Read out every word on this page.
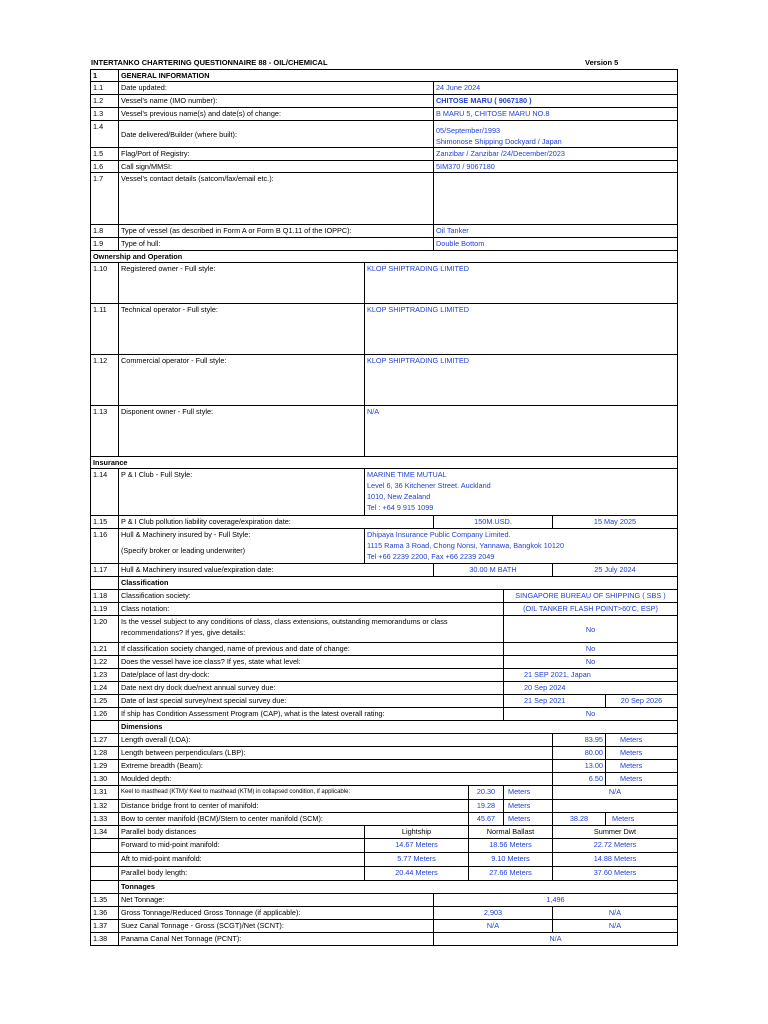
INTERTANKO CHARTERING QUESTIONNAIRE 88 - OIL/CHEMICAL	Version 5
1	GENERAL INFORMATION						
1.1	Date updated:		24 June 2024				
1.2	Vessel's name (IMO number):		CHITOSE MARU ( 9067180 )				
1.3	Vessel's previous name(s) and date(s) of change:		B MARU 5, CHITOSE MARU NO.8				
1.4	Date delivered/Builder (where built):		05/September/1993
Shimonose Shipping Dockyard / Japan				

1.5	Flag/Port of Registry:		Zanzibar / Zanzibar /24/December/2023				
1.6	Call sign/MMSI:		5IM370 / 9067180				
1.7	Vessel's contact details (satcom/fax/email etc.):						
1.8	Type of vessel (as described in Form A or Form B Q1.11 of the IOPPC):		Oil Tanker				
1.9	Type of hull:		Double Bottom				
Ownership and Operation							
1.10	Registered owner - Full style:	KLOP SHIPTRADING LIMITED					
1.11	Technical operator - Full style:	KLOP SHIPTRADING LIMITED					
1.12	Commercial operator - Full style:	KLOP SHIPTRADING LIMITED					
1.13	Disponent owner - Full style:	N/A					
Insurance							
1.14	P & I Club - Full Style:	MARINE TIME MUTUAL
Level 6, 36 Kitchener Street. Auckland
1010, New Zealand
Tel : +64 9 915 1099					

1.15	P & I Club pollution liability coverage/expiration date:		150M.USD.			15 May 2025	
1.16	Hull & Machinery insured by - Full Style:
(Specify broker or leading underwriter)	Dhipaya Insurance Public Company Limited.
1115 Rama 3 Road, Chong Nonsi, Yannawa, Bangkok 10120
Tel +66 2239 2200, Fax +66 2239 2049					

1.17	Hull & Machinery insured value/expiration date:		30.00 M BATH			25 July 2024	
	Classification						
1.18	Classification society:				SINGAPORE BUREAU OF SHIPPING ( SBS )		
1.19	Class notation:				(OIL TANKER FLASH POINT>60'C, ESP)		
1.20	Is the vessel subject to any conditions of class, class extensions, outstanding memorandums or class
recommendations? If yes, give details:				No		
1.21	If classification society changed, name of previous and date of change:				No		
1.22	Does the vessel have ice class? If yes, state what level:				No		
1.23	Date/place of last dry-dock:				21 SEP 2021, Japan		
1.24	Date next dry dock due/next annual survey due:				20 Sep 2024		
1.25	Date of last special survey/next special survey due:				21 Sep 2021		20 Sep 2026
1.26	If ship has Condition Assessment Program (CAP), what is the latest overall rating:				No		
	Dimensions						
1.27	Length overall (LOA):					83.95	Meters
1.28	Length between perpendiculars (LBP):					80.00	Meters
1.29	Extreme breadth (Beam):					13.00	Meters
1.30	Moulded depth:					6.50	Meters
1.31	Keel to masthead (KTM)/ Keel to masthead (KTM) in collapsed condition, if applicable:			20.30	Meters	N/A	
1.32	Distance bridge front to center of manifold:			19.28	Meters		
1.33	Bow to center manifold (BCM)/Stern to center manifold (SCM):			45.67	Meters	38.28	Meters
1.34	Parallel body distances	Lightship		Normal Ballast		Summer Dwt	
	Forward to mid-point manifold:	14.67 Meters		18.56 Meters		22.72 Meters	
	Aft to mid-point manifold:	5.77 Meters		9.10 Meters		14.88 Meters	
	Parallel body length:	20.44 Meters		27.66 Meters		37.60 Meters	
	Tonnages						
1.35	Net Tonnage:		1,496				
1.36	Gross Tonnage/Reduced Gross Tonnage (if applicable):		2,903			N/A	
1.37	Suez Canal Tonnage - Gross (SCGT)/Net (SCNT):		N/A			N/A	
1.38	Panama Canal Net Tonnage (PCNT):		N/A				
